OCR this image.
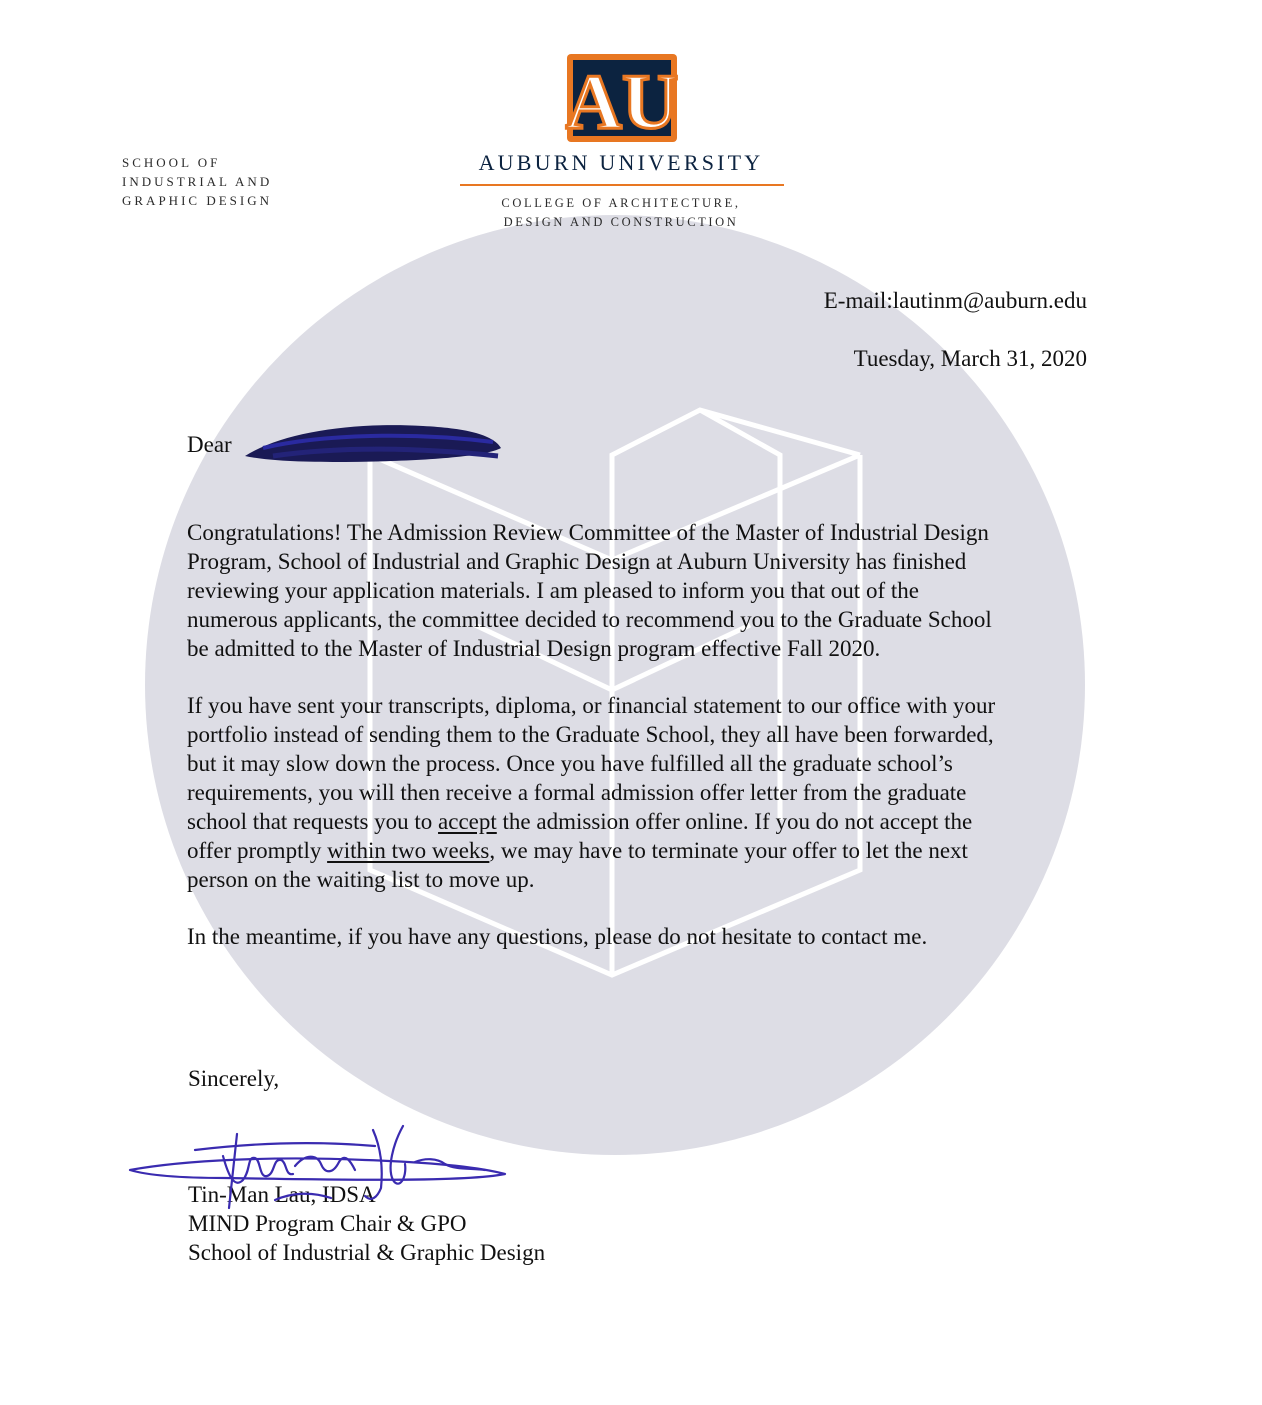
SCHOOL OF
INDUSTRIAL AND
GRAPHIC DESIGN
AU
AUBURN UNIVERSITY
COLLEGE OF ARCHITECTURE,
DESIGN AND CONSTRUCTION
E-mail:lautinm@auburn.edu
Tuesday, March 31, 2020
Dear
Congratulations! The Admission Review Committee of the Master of Industrial Design
Program, School of Industrial and Graphic Design at Auburn University has finished
reviewing your application materials. I am pleased to inform you that out of the
numerous applicants, the committee decided to recommend you to the Graduate School
be admitted to the Master of Industrial Design program effective Fall 2020.
If you have sent your transcripts, diploma, or financial statement to our office with your
portfolio instead of sending them to the Graduate School, they all have been forwarded,
but it may slow down the process. Once you have fulfilled all the graduate school’s
requirements, you will then receive a formal admission offer letter from the graduate
school that requests you to accept the admission offer online. If you do not accept the
offer promptly within two weeks, we may have to terminate your offer to let the next
person on the waiting list to move up.
In the meantime, if you have any questions, please do not hesitate to contact me.
Sincerely,
Tin-Man Lau, IDSA
MIND Program Chair & GPO
School of Industrial & Graphic Design
